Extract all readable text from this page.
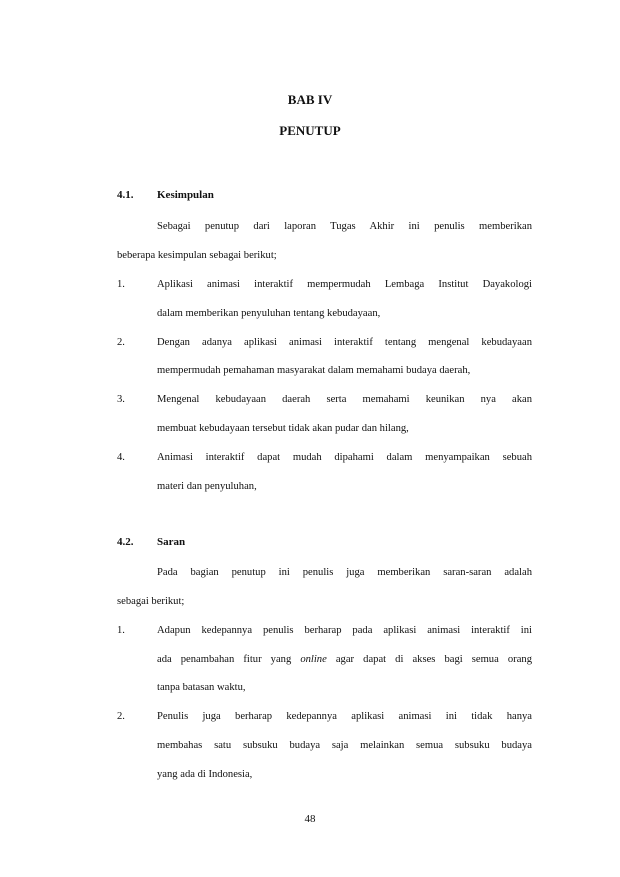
BAB IV
PENUTUP
4.1. Kesimpulan
Sebagai penutup dari laporan Tugas Akhir ini penulis memberikan
beberapa kesimpulan sebagai berikut;
1.	Aplikasi animasi interaktif mempermudah Lembaga Institut Dayakologi
dalam memberikan penyuluhan tentang kebudayaan,
2.	Dengan adanya aplikasi animasi interaktif tentang mengenal kebudayaan
mempermudah pemahaman masyarakat dalam memahami budaya daerah,
3.	Mengenal kebudayaan daerah serta memahami keunikan nya akan
membuat kebudayaan tersebut tidak akan pudar dan hilang,
4.	Animasi interaktif dapat mudah dipahami dalam menyampaikan sebuah
materi dan penyuluhan,
4.2. Saran
Pada bagian penutup ini penulis juga memberikan saran-saran adalah
sebagai berikut;
1.	Adapun kedepannya penulis berharap pada aplikasi animasi interaktif ini
ada penambahan fitur yang online agar dapat di akses bagi semua orang
tanpa batasan waktu,
2.	Penulis juga berharap kedepannya aplikasi animasi ini tidak hanya
membahas satu subsuku budaya saja melainkan semua subsuku budaya
yang ada di Indonesia,
48
